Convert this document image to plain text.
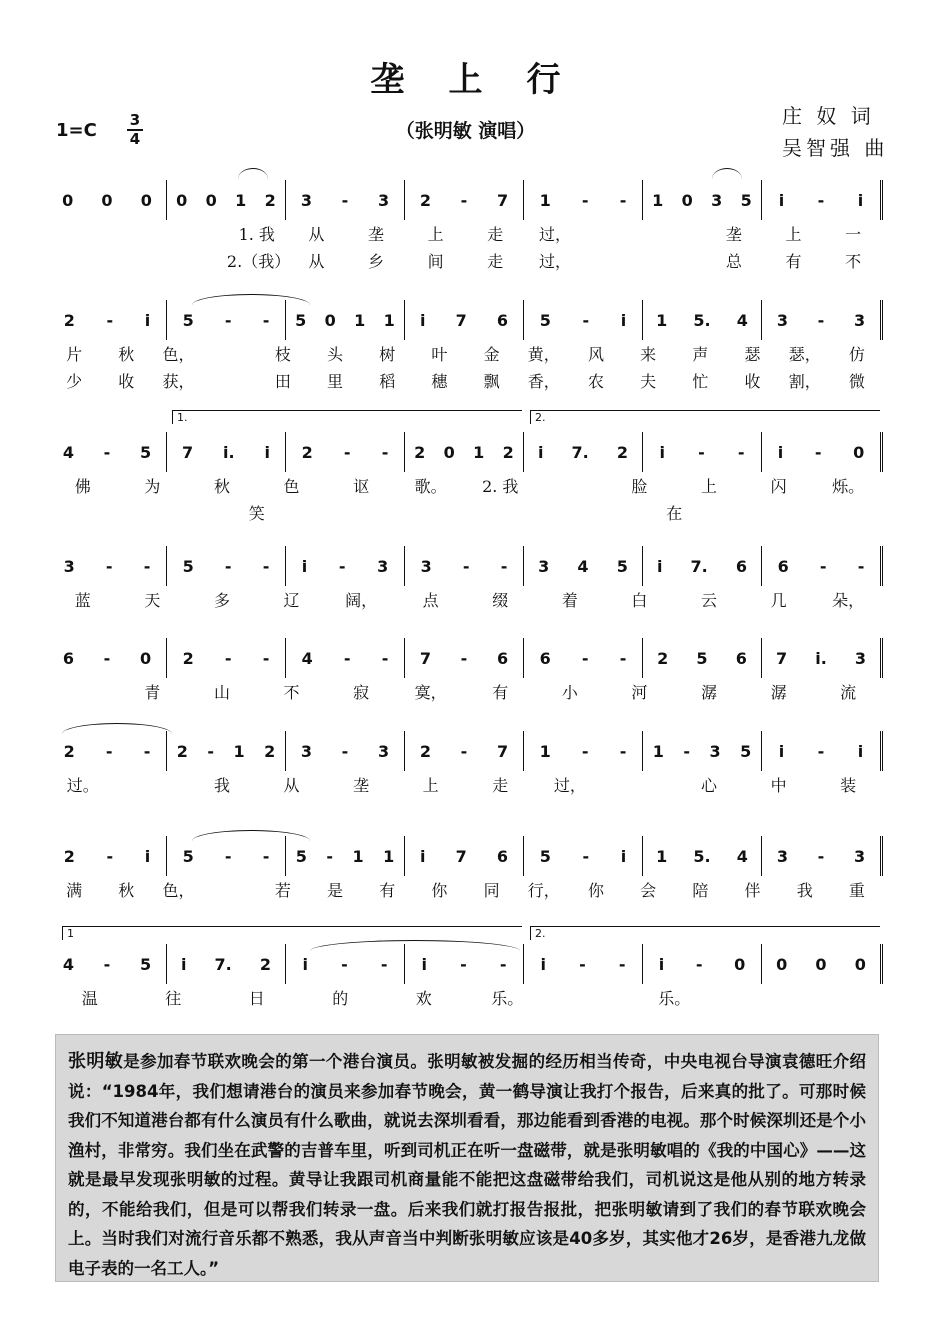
垄上行
（张明敏 演唱）
庄 奴 词
吴智强 曲
1=C	3
4
0 0 0 0 0 1 2 3 - 3 2 - 7 1 - - 1 0 3 5 i - i
1. 我	从	垄	上	走	过，	垄	上	一
2.（我）	从	乡	间	走	过，	总	有	不
2 - i 5 - - 5 0 1 1 i 7 6 5 - i 1 5. 4 3 - 3
片	秋	色，	枝	头	树	叶	金	黄，	风	来	声	瑟	瑟，	仿
少	收	获，	田	里	稻	穗	飘	香，	农	夫	忙	收	割，	微
4 - 5 7 i. i 2 - - 2 0 1 2 i 7. 2 i - - i - 0
佛	为	秋	色	讴	歌。	2. 我	脸	上	闪	烁。
笑	在
3 - - 5 - - i - 3 3 - - 3 4 5 i 7. 6 6 - -
蓝	天	多	辽	阔，	点	缀	着	白	云	几	朵，
6 - 0 2 - - 4 - - 7 - 6 6 - - 2 5 6 7 i. 3
青	山	不	寂	寞，	有	小	河	潺	潺	流
2 - - 2 - 1 2 3 - 3 2 - 7 1 - - 1 - 3 5 i - i
过。	我	从	垄	上	走	过，	心	中	装
2 - i 5 - - 5 - 1 1 i 7 6 5 - i 1 5. 4 3 - 3
满	秋	色，	若	是	有	你	同	行，	你	会	陪	伴	我	重
4 - 5 i 7. 2 i - - i - - i - - i - 0 0 0 0
温	往	日	的	欢	乐。	乐。
1.	2.
1	2.
张明敏是参加春节联欢晚会的第一个港台演员。张明敏被发掘的经历相当传奇，中央电视台导演袁德旺介绍说：“1984年，我们想请港台的演员来参加春节晚会，黄一鹤导演让我打个报告，后来真的批了。可那时候我们不知道港台都有什么演员有什么歌曲，就说去深圳看看，那边能看到香港的电视。那个时候深圳还是个小渔村，非常穷。我们坐在武警的吉普车里，听到司机正在听一盘磁带，就是张明敏唱的《我的中国心》——这就是最早发现张明敏的过程。黄导让我跟司机商量能不能把这盘磁带给我们，司机说这是他从别的地方转录的，不能给我们，但是可以帮我们转录一盘。后来我们就打报告报批，把张明敏请到了我们的春节联欢晚会上。当时我们对流行音乐都不熟悉，我从声音当中判断张明敏应该是40多岁，其实他才26岁，是香港九龙做电子表的一名工人。”
